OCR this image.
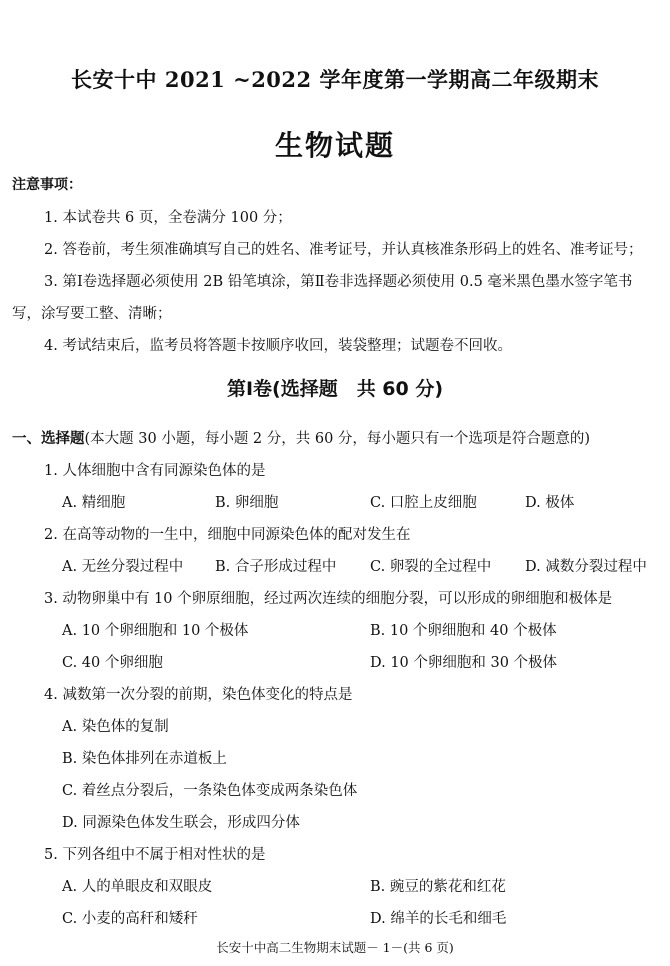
长安十中 2021 ~2022 学年度第一学期高二年级期末
生物试题
注意事项：
1. 本试卷共 6 页，全卷满分 100 分；
2. 答卷前，考生须准确填写自己的姓名、准考证号，并认真核准条形码上的姓名、准考证号；
3. 第Ⅰ卷选择题必须使用 2B 铅笔填涂，第Ⅱ卷非选择题必须使用 0.5 毫米黑色墨水签字笔书
写，涂写要工整、清晰；
4. 考试结束后，监考员将答题卡按顺序收回，装袋整理；试题卷不回收。
第Ⅰ卷(选择题　共 60 分)
一、选择题(本大题 30 小题，每小题 2 分，共 60 分，每小题只有一个选项是符合题意的)
1. 人体细胞中含有同源染色体的是
A. 精细胞	B. 卵细胞	C. 口腔上皮细胞	D. 极体
2. 在高等动物的一生中，细胞中同源染色体的配对发生在
A. 无丝分裂过程中 B. 合子形成过程中 C. 卵裂的全过程中 D. 减数分裂过程中
3. 动物卵巢中有 10 个卵原细胞，经过两次连续的细胞分裂，可以形成的卵细胞和极体是
A. 10 个卵细胞和 10 个极体	B. 10 个卵细胞和 40 个极体
C. 40 个卵细胞	D. 10 个卵细胞和 30 个极体
4. 减数第一次分裂的前期，染色体变化的特点是
A. 染色体的复制
B. 染色体排列在赤道板上
C. 着丝点分裂后，一条染色体变成两条染色体
D. 同源染色体发生联会，形成四分体
5. 下列各组中不属于相对性状的是
A. 人的单眼皮和双眼皮	B. 豌豆的紫花和红花
C. 小麦的高秆和矮秆	D. 绵羊的长毛和细毛
长安十中高二生物期末试题－ 1－(共 6 页)
